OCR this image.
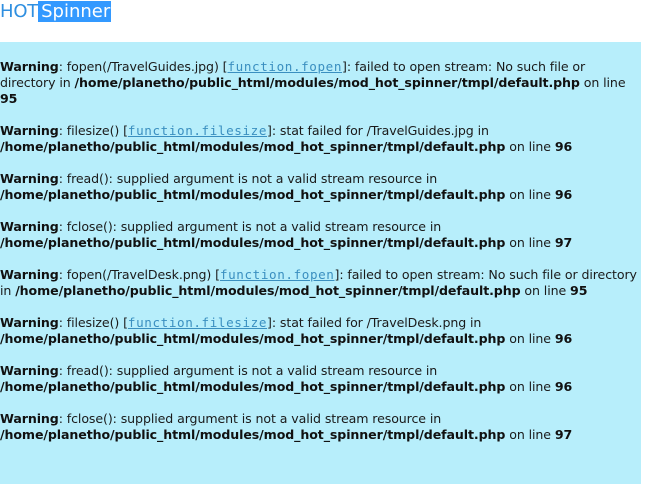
HOT Spinner
Warning: fopen(/TravelGuides.jpg) [function.fopen]: failed to open stream: No such file or directory in /home/planetho/public_html/modules/mod_hot_spinner/tmpl/default.php on line 95
Warning: filesize() [function.filesize]: stat failed for /TravelGuides.jpg in /home/planetho/public_html/modules/mod_hot_spinner/tmpl/default.php on line 96
Warning: fread(): supplied argument is not a valid stream resource in /home/planetho/public_html/modules/mod_hot_spinner/tmpl/default.php on line 96
Warning: fclose(): supplied argument is not a valid stream resource in /home/planetho/public_html/modules/mod_hot_spinner/tmpl/default.php on line 97
Warning: fopen(/TravelDesk.png) [function.fopen]: failed to open stream: No such file or directory in /home/planetho/public_html/modules/mod_hot_spinner/tmpl/default.php on line 95
Warning: filesize() [function.filesize]: stat failed for /TravelDesk.png in /home/planetho/public_html/modules/mod_hot_spinner/tmpl/default.php on line 96
Warning: fread(): supplied argument is not a valid stream resource in /home/planetho/public_html/modules/mod_hot_spinner/tmpl/default.php on line 96
Warning: fclose(): supplied argument is not a valid stream resource in /home/planetho/public_html/modules/mod_hot_spinner/tmpl/default.php on line 97
